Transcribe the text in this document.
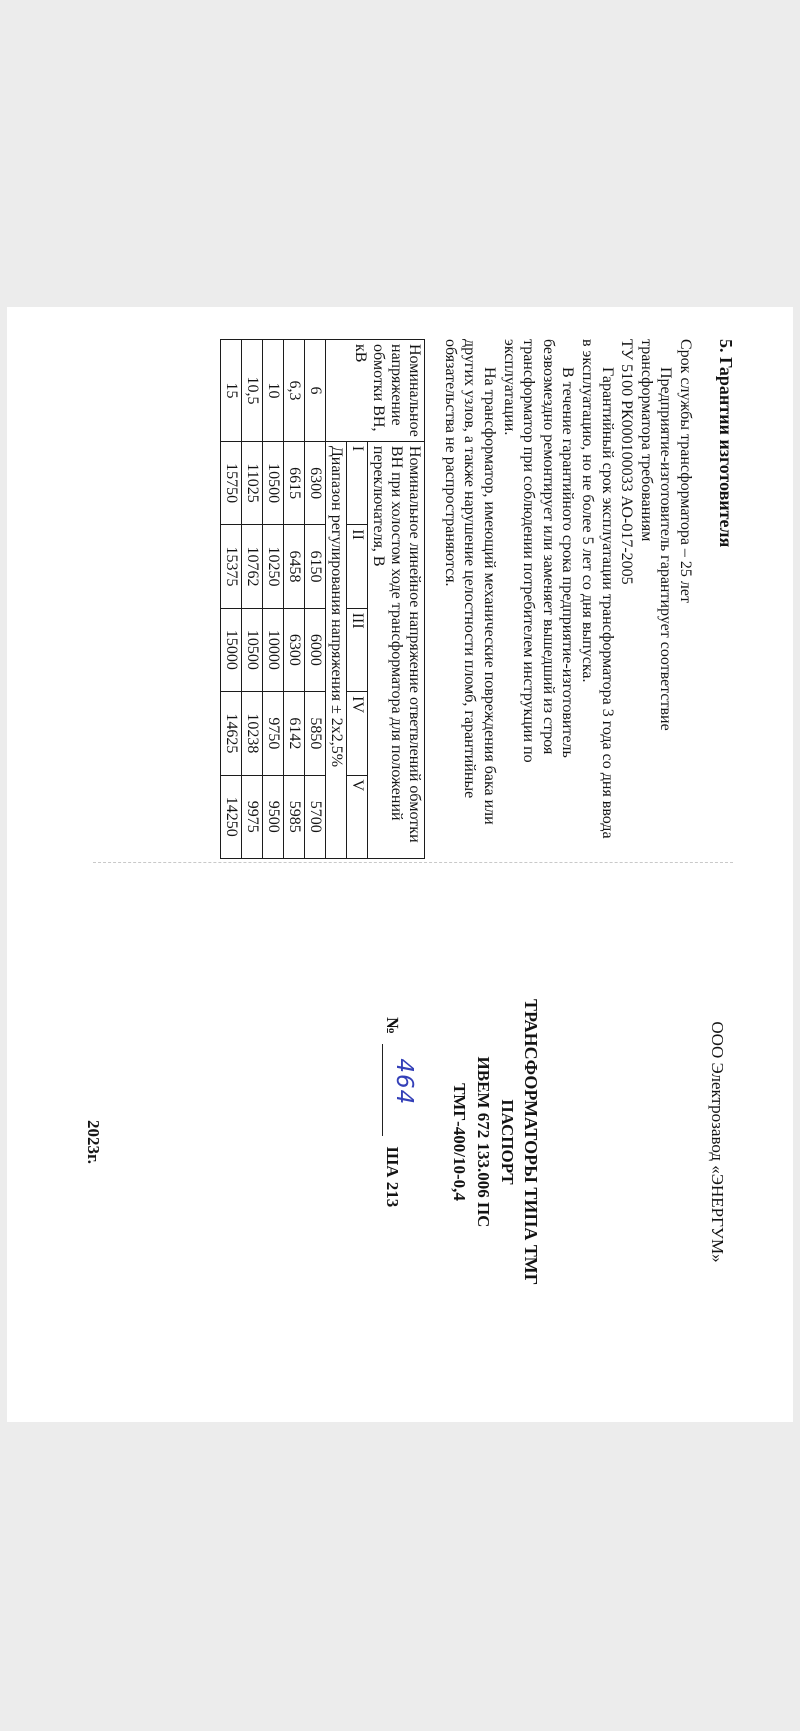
5. Гарантии изготовителя

Срок службы трансформатора – 25 лет

Предприятие-изготовитель гарантирует соответствие трансформатора требованиям

ТУ 5100 РК000100033 АО-017-2005

Гарантийный срок эксплуатации трансформатора 3 года со дня ввода в эксплуатацию, но не более 5 лет со дня выпуска.

В течение гарантийного срока предприятие-изготовитель безвозмездно ремонтирует или заменяет вышедший из строя трансформатор при соблюдении потребителем инструкции по эксплуатации.

На трансформатор, имеющий механические повреждения бака или других узлов, а также нарушение целостности пломб, гарантийные обязательства не распространяются.

Номинальное напряжение обмотки ВН, кВ	Номинальное линейное напряжение ответвлений обмотки ВН при холостом ходе трансформатора для положений переключателя, В				
	I	II	III	IV	V
	Диапазон регулирования напряжения ± 2х2,5%				
6	6300	6150	6000	5850	5700
6,3	6615	6458	6300	6142	5985
10	10500	10250	10000	9750	9500
10,5	11025	10762	10500	10238	9975
15	15750	15375	15000	14625	14250

ООО Электрозавод «ЭНЕРГУМ»

ТРАНСФОРМАТОРЫ ТИПА ТМГ
ПАСПОРТ
ИВЕМ 672 133.006 ПС
ТМГ-400/10-0,4
№
464
ША 213
2023г.
